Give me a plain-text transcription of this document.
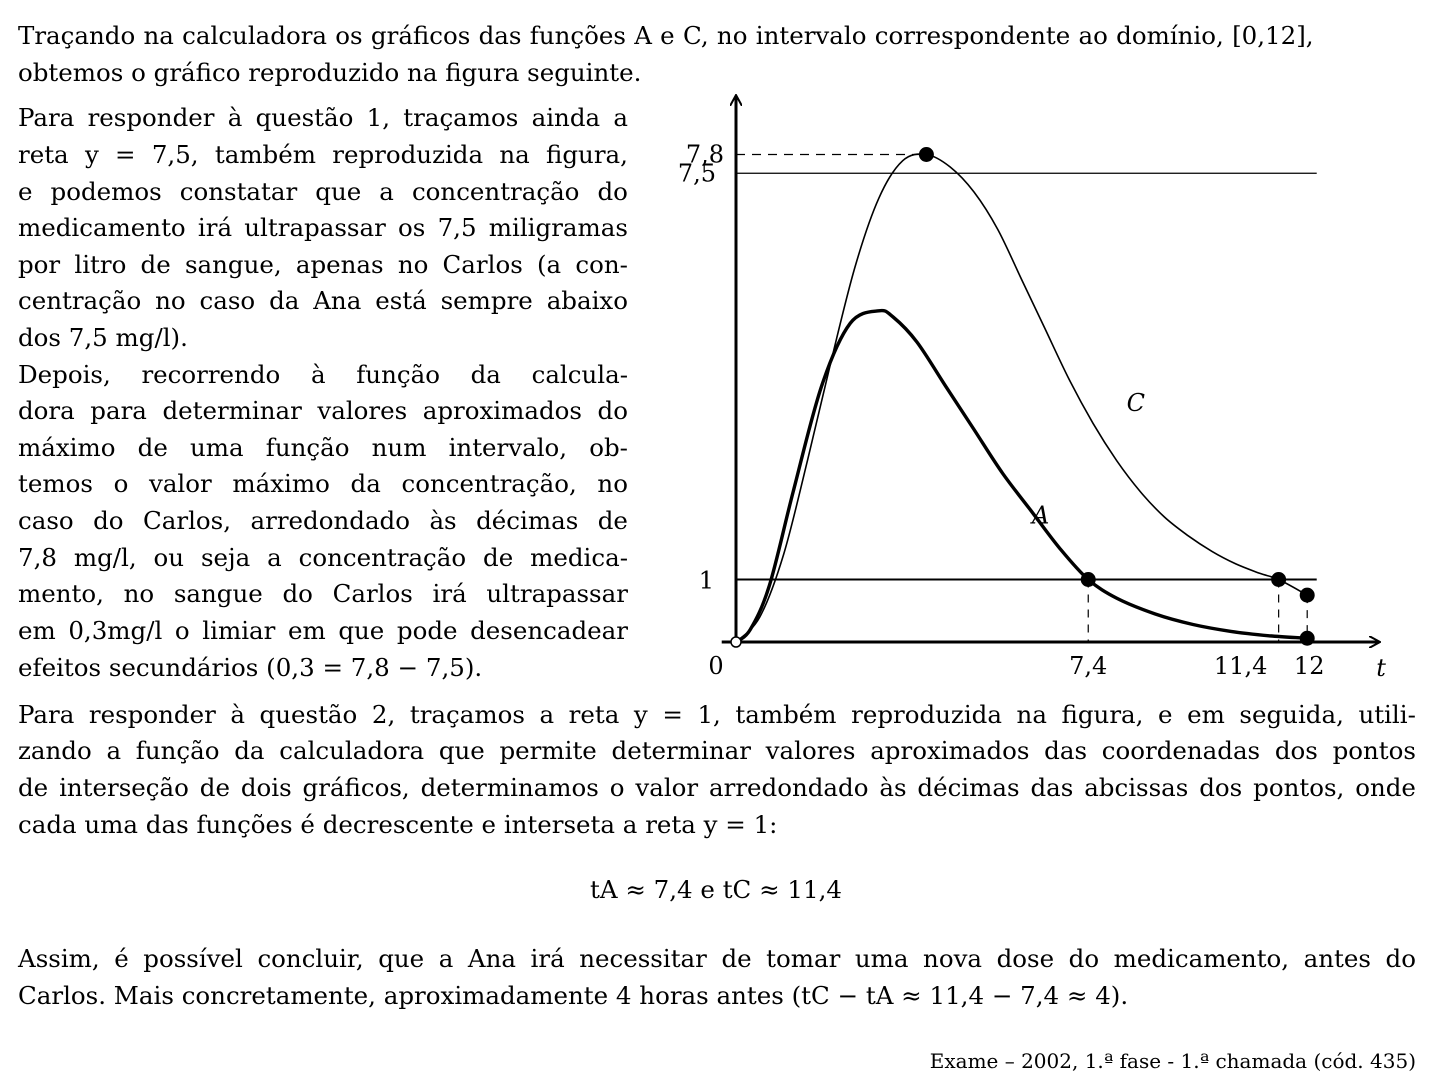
Traçando na calculadora os gráficos das funções A e C, no intervalo correspondente ao domínio, [0,12],
obtemos o gráfico reproduzido na figura seguinte.
Para responder à questão 1, traçamos ainda a
reta y = 7,5, também reproduzida na figura,
e podemos constatar que a concentração do
medicamento irá ultrapassar os 7,5 miligramas
por litro de sangue, apenas no Carlos (a con-
centração no caso da Ana está sempre abaixo
dos 7,5 mg/l).
Depois, recorrendo à função da calcula-
dora para determinar valores aproximados do
máximo de uma função num intervalo, ob-
temos o valor máximo da concentração, no
caso do Carlos, arredondado às décimas de
7,8 mg/l, ou seja a concentração de medica-
mento, no sangue do Carlos irá ultrapassar
em 0,3mg/l o limiar em que pode desencadear
efeitos secundários (0,3 = 7,8 − 7,5).	0	7,4	11,4 12 t
1
7,5
7,8
C
A
Para responder à questão 2, traçamos a reta y = 1, também reproduzida na figura, e em seguida, utili-
zando a função da calculadora que permite determinar valores aproximados das coordenadas dos pontos
de interseção de dois gráficos, determinamos o valor arredondado às décimas das abcissas dos pontos, onde
cada uma das funções é decrescente e interseta a reta y = 1:
tA ≈ 7,4 e tC ≈ 11,4
Assim, é possível concluir, que a Ana irá necessitar de tomar uma nova dose do medicamento, antes do
Carlos. Mais concretamente, aproximadamente 4 horas antes (tC − tA ≈ 11,4 − 7,4 ≈ 4).
Exame – 2002, 1.ª fase - 1.ª chamada (cód. 435)
